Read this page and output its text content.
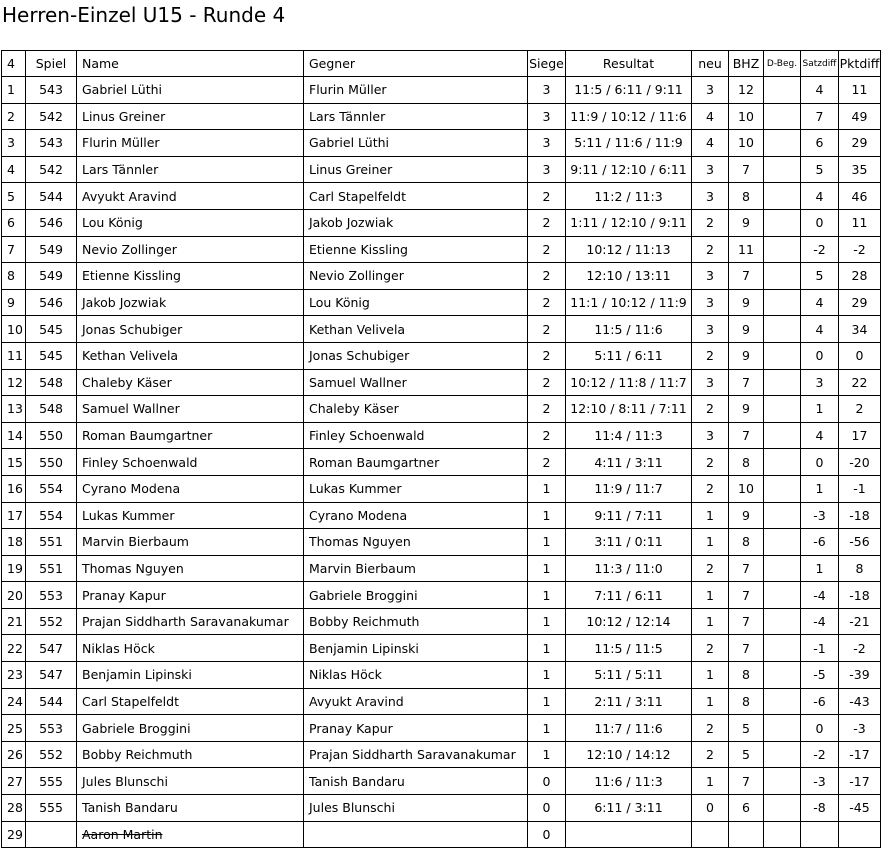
Herren-Einzel U15 - Runde 4
4	Spiel	Name	Gegner	Siege	Resultat	neu	BHZ	D-Beg.	Satzdiff	Pktdiff
1	543	Gabriel Lüthi	Flurin Müller	3	11:5 / 6:11 / 9:11	3	12		4	11
2	542	Linus Greiner	Lars Tännler	3	11:9 / 10:12 / 11:6	4	10		7	49
3	543	Flurin Müller	Gabriel Lüthi	3	5:11 / 11:6 / 11:9	4	10		6	29
4	542	Lars Tännler	Linus Greiner	3	9:11 / 12:10 / 6:11	3	7		5	35
5	544	Avyukt Aravind	Carl Stapelfeldt	2	11:2 / 11:3	3	8		4	46
6	546	Lou König	Jakob Jozwiak	2	1:11 / 12:10 / 9:11	2	9		0	11
7	549	Nevio Zollinger	Etienne Kissling	2	10:12 / 11:13	2	11		-2	-2
8	549	Etienne Kissling	Nevio Zollinger	2	12:10 / 13:11	3	7		5	28
9	546	Jakob Jozwiak	Lou König	2	11:1 / 10:12 / 11:9	3	9		4	29
10	545	Jonas Schubiger	Kethan Velivela	2	11:5 / 11:6	3	9		4	34
11	545	Kethan Velivela	Jonas Schubiger	2	5:11 / 6:11	2	9		0	0
12	548	Chaleby Käser	Samuel Wallner	2	10:12 / 11:8 / 11:7	3	7		3	22
13	548	Samuel Wallner	Chaleby Käser	2	12:10 / 8:11 / 7:11	2	9		1	2
14	550	Roman Baumgartner	Finley Schoenwald	2	11:4 / 11:3	3	7		4	17
15	550	Finley Schoenwald	Roman Baumgartner	2	4:11 / 3:11	2	8		0	-20
16	554	Cyrano Modena	Lukas Kummer	1	11:9 / 11:7	2	10		1	-1
17	554	Lukas Kummer	Cyrano Modena	1	9:11 / 7:11	1	9		-3	-18
18	551	Marvin Bierbaum	Thomas Nguyen	1	3:11 / 0:11	1	8		-6	-56
19	551	Thomas Nguyen	Marvin Bierbaum	1	11:3 / 11:0	2	7		1	8
20	553	Pranay Kapur	Gabriele Broggini	1	7:11 / 6:11	1	7		-4	-18
21	552	Prajan Siddharth Saravanakumar	Bobby Reichmuth	1	10:12 / 12:14	1	7		-4	-21
22	547	Niklas Höck	Benjamin Lipinski	1	11:5 / 11:5	2	7		-1	-2
23	547	Benjamin Lipinski	Niklas Höck	1	5:11 / 5:11	1	8		-5	-39
24	544	Carl Stapelfeldt	Avyukt Aravind	1	2:11 / 3:11	1	8		-6	-43
25	553	Gabriele Broggini	Pranay Kapur	1	11:7 / 11:6	2	5		0	-3
26	552	Bobby Reichmuth	Prajan Siddharth Saravanakumar	1	12:10 / 14:12	2	5		-2	-17
27	555	Jules Blunschi	Tanish Bandaru	0	11:6 / 11:3	1	7		-3	-17
28	555	Tanish Bandaru	Jules Blunschi	0	6:11 / 3:11	0	6		-8	-45
29		Aaron Martin		0						
